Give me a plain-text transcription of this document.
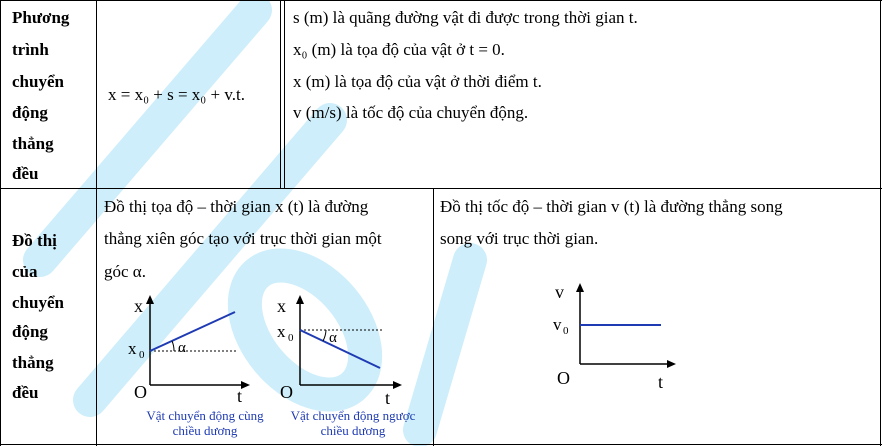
Phương
trình
chuyển
động
thẳng
đều
x = x₀ + s = x₀ + v.t.
s (m) là quãng đường vật đi được trong thời gian t.
x₀ (m) là tọa độ của vật ở t = 0.
x (m) là tọa độ của vật ở thời điểm t.
v (m/s) là tốc độ của chuyển động.
Đồ thị
của
chuyển
động
thẳng
đều
Đồ thị tọa độ – thời gian x (t) là đường
thẳng xiên góc tạo với trục thời gian một
góc α.
Đồ thị tốc độ – thời gian v (t) là đường thẳng song
song với trục thời gian.
x
t
O
x 0 α
x
t
O
x 0 α
Vật chuyển động cùng
chiều dương
Vật chuyển động ngược
chiều dương
v
t
O
v 0
